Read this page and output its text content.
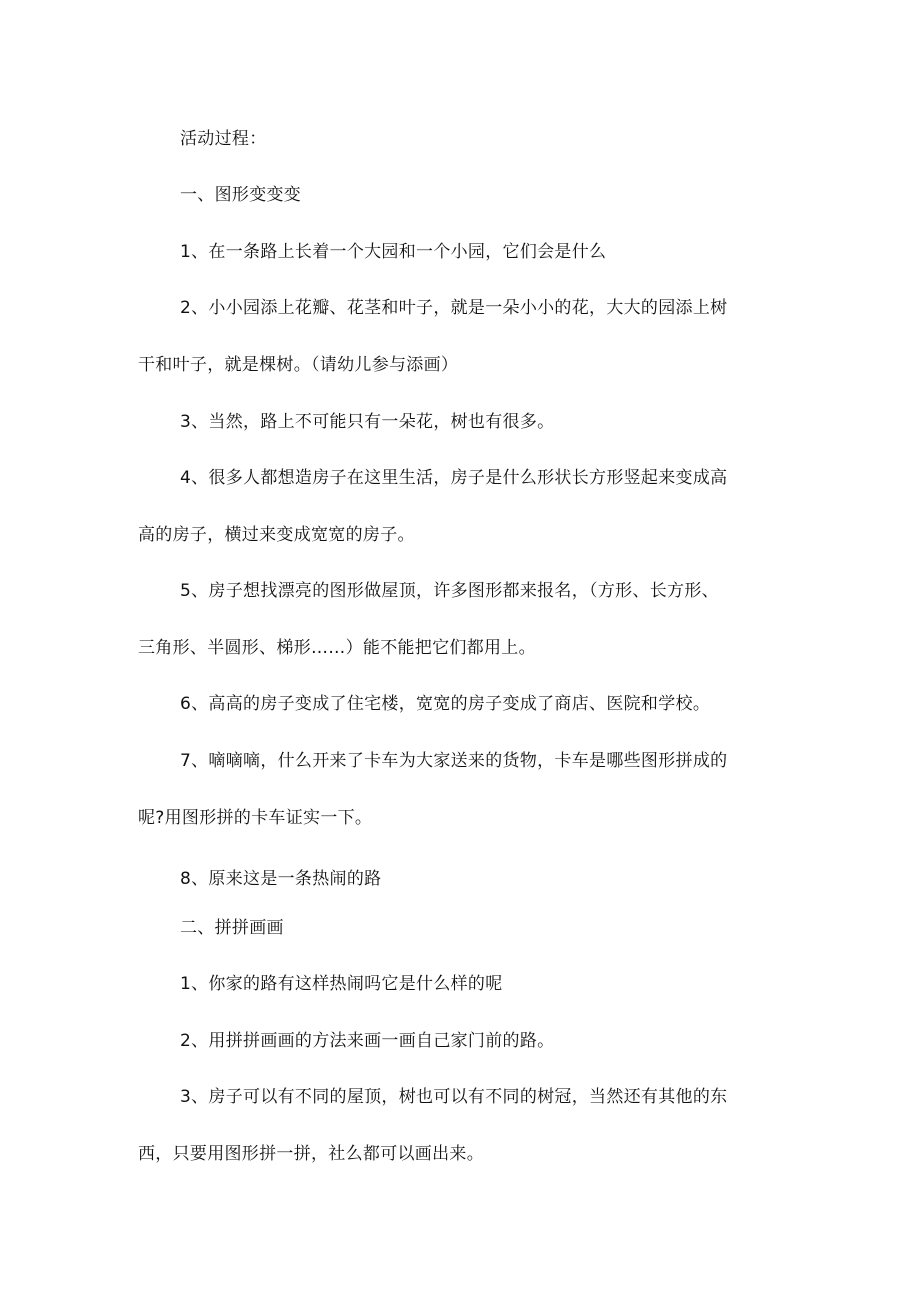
活动过程：
一、图形变变变
1、在一条路上长着一个大园和一个小园，它们会是什么
2、小小园添上花瓣、花茎和叶子，就是一朵小小的花，大大的园添上树
干和叶子，就是棵树。（请幼儿参与添画）
3、当然，路上不可能只有一朵花，树也有很多。
4、很多人都想造房子在这里生活，房子是什么形状长方形竖起来变成高
高的房子，横过来变成宽宽的房子。
5、房子想找漂亮的图形做屋顶，许多图形都来报名，（方形、长方形、
三角形、半圆形、梯形……）能不能把它们都用上。
6、高高的房子变成了住宅楼，宽宽的房子变成了商店、医院和学校。
7、嘀嘀嘀，什么开来了卡车为大家送来的货物，卡车是哪些图形拼成的
呢?用图形拼的卡车证实一下。
8、原来这是一条热闹的路
二、拼拼画画
1、你家的路有这样热闹吗它是什么样的呢
2、用拼拼画画的方法来画一画自己家门前的路。
3、房子可以有不同的屋顶，树也可以有不同的树冠，当然还有其他的东
西，只要用图形拼一拼，社么都可以画出来。
